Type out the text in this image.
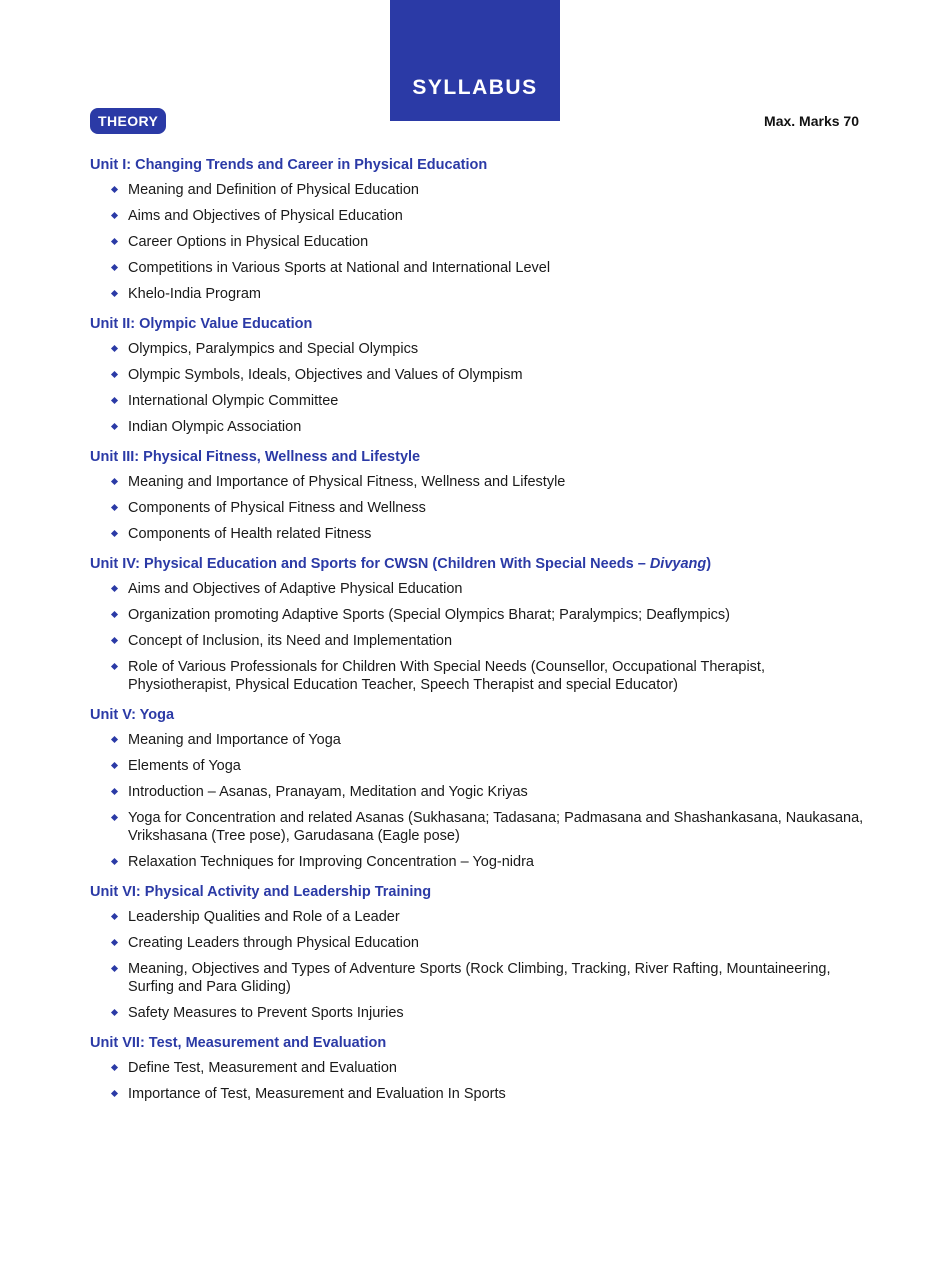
SYLLABUS
THEORY	Max. Marks 70
Unit I: Changing Trends and Career in Physical Education
Meaning and Definition of Physical Education
Aims and Objectives of Physical Education
Career Options in Physical Education
Competitions in Various Sports at National and International Level
Khelo-India Program
Unit II: Olympic Value Education
Olympics, Paralympics and Special Olympics
Olympic Symbols, Ideals, Objectives and Values of Olympism
International Olympic Committee
Indian Olympic Association
Unit III: Physical Fitness, Wellness and Lifestyle
Meaning and Importance of Physical Fitness, Wellness and Lifestyle
Components of Physical Fitness and Wellness
Components of Health related Fitness
Unit IV: Physical Education and Sports for CWSN (Children With Special Needs – Divyang)
Aims and Objectives of Adaptive Physical Education
Organization promoting Adaptive Sports (Special Olympics Bharat; Paralympics; Deaflympics)
Concept of Inclusion, its Need and Implementation
Role of Various Professionals for Children With Special Needs (Counsellor, Occupational Therapist, Physiotherapist, Physical Education Teacher, Speech Therapist and special Educator)
Unit V: Yoga
Meaning and Importance of Yoga
Elements of Yoga
Introduction – Asanas, Pranayam, Meditation and Yogic Kriyas
Yoga for Concentration and related Asanas (Sukhasana; Tadasana; Padmasana and Shashankasana, Naukasana, Vrikshasana (Tree pose), Garudasana (Eagle pose)
Relaxation Techniques for Improving Concentration – Yog-nidra
Unit VI: Physical Activity and Leadership Training
Leadership Qualities and Role of a Leader
Creating Leaders through Physical Education
Meaning, Objectives and Types of Adventure Sports (Rock Climbing, Tracking, River Rafting, Mountaineering, Surfing and Para Gliding)
Safety Measures to Prevent Sports Injuries
Unit VII: Test, Measurement and Evaluation
Define Test, Measurement and Evaluation
Importance of Test, Measurement and Evaluation In Sports
